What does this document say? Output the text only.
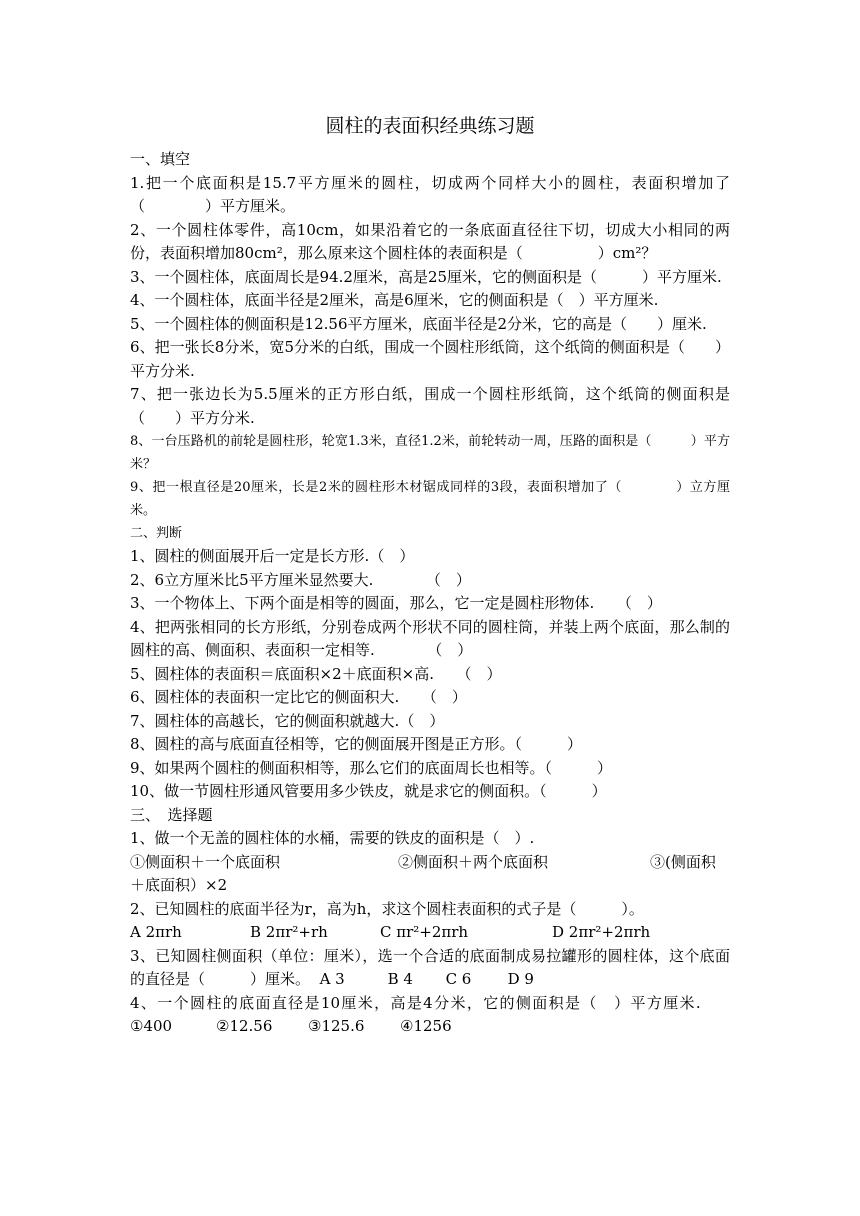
圆柱的表面积经典练习题

一、填空

1.把一个底面积是15.7平方厘米的圆柱，切成两个同样大小的圆柱，表面积增加了（　　　　）平方厘米。

2、一个圆柱体零件，高10cm，如果沿着它的一条底面直径往下切，切成大小相同的两份，表面积增加80cm²，那么原来这个圆柱体的表面积是（　　　　　）cm²？

3、一个圆柱体，底面周长是94.2厘米，高是25厘米，它的侧面积是（　　　）平方厘米.

4、一个圆柱体，底面半径是2厘米，高是6厘米，它的侧面积是（　）平方厘米.

5、一个圆柱体的侧面积是12.56平方厘米，底面半径是2分米，它的高是（　　）厘米.

6、把一张长8分米，宽5分米的白纸，围成一个圆柱形纸筒，这个纸筒的侧面积是（　　）平方分米.

7、把一张边长为5.5厘米的正方形白纸，围成一个圆柱形纸筒，这个纸筒的侧面积是（　　）平方分米.

8、一台压路机的前轮是圆柱形，轮宽1.3米，直径1.2米，前轮转动一周，压路的面积是（　　　）平方米？

9、把一根直径是20厘米，长是2米的圆柱形木材锯成同样的3段，表面积增加了（　　　　）立方厘米。

二、判断

1、圆柱的侧面展开后一定是长方形.（　）

2、6立方厘米比5平方厘米显然要大.　　　　（　）

3、一个物体上、下两个面是相等的圆面，那么，它一定是圆柱形物体.　　（　）

4、把两张相同的长方形纸，分别卷成两个形状不同的圆柱筒，并装上两个底面，那么制的圆柱的高、侧面积、表面积一定相等.　　　　（　）

5、圆柱体的表面积＝底面积×2＋底面积×高.　　（　）

6、圆柱体的表面积一定比它的侧面积大.　　（　）

7、圆柱体的高越长，它的侧面积就越大.（　）

8、圆柱的高与底面直径相等，它的侧面展开图是正方形。（　　　）

9、如果两个圆柱的侧面积相等，那么它们的底面周长也相等。（　　　）

10、做一节圆柱形通风管要用多少铁皮，就是求它的侧面积。（　　　）

三、　选择题

1、做一个无盖的圆柱体的水桶，需要的铁皮的面积是（　）.

①侧面积＋一个底面积	②侧面积＋两个底面积	③(侧面积＋底面积）×2

2、已知圆柱的底面半径为r，高为h，求这个圆柱表面积的式子是（　　　）。

A 2πrh	B 2πr²+rh	C πr²+2πrh	D 2πr²+2πrh

3、已知圆柱侧面积（单位：厘米），选一个合适的底面制成易拉罐形的圆柱体，这个底面的直径是（　　　）厘米。 A 3	B 4 C 6 D 9

4、一个圆柱的底面直径是10厘米，高是4分米，它的侧面积是（　）平方厘米.     ①400	②12.56 ③125.6 ④1256
